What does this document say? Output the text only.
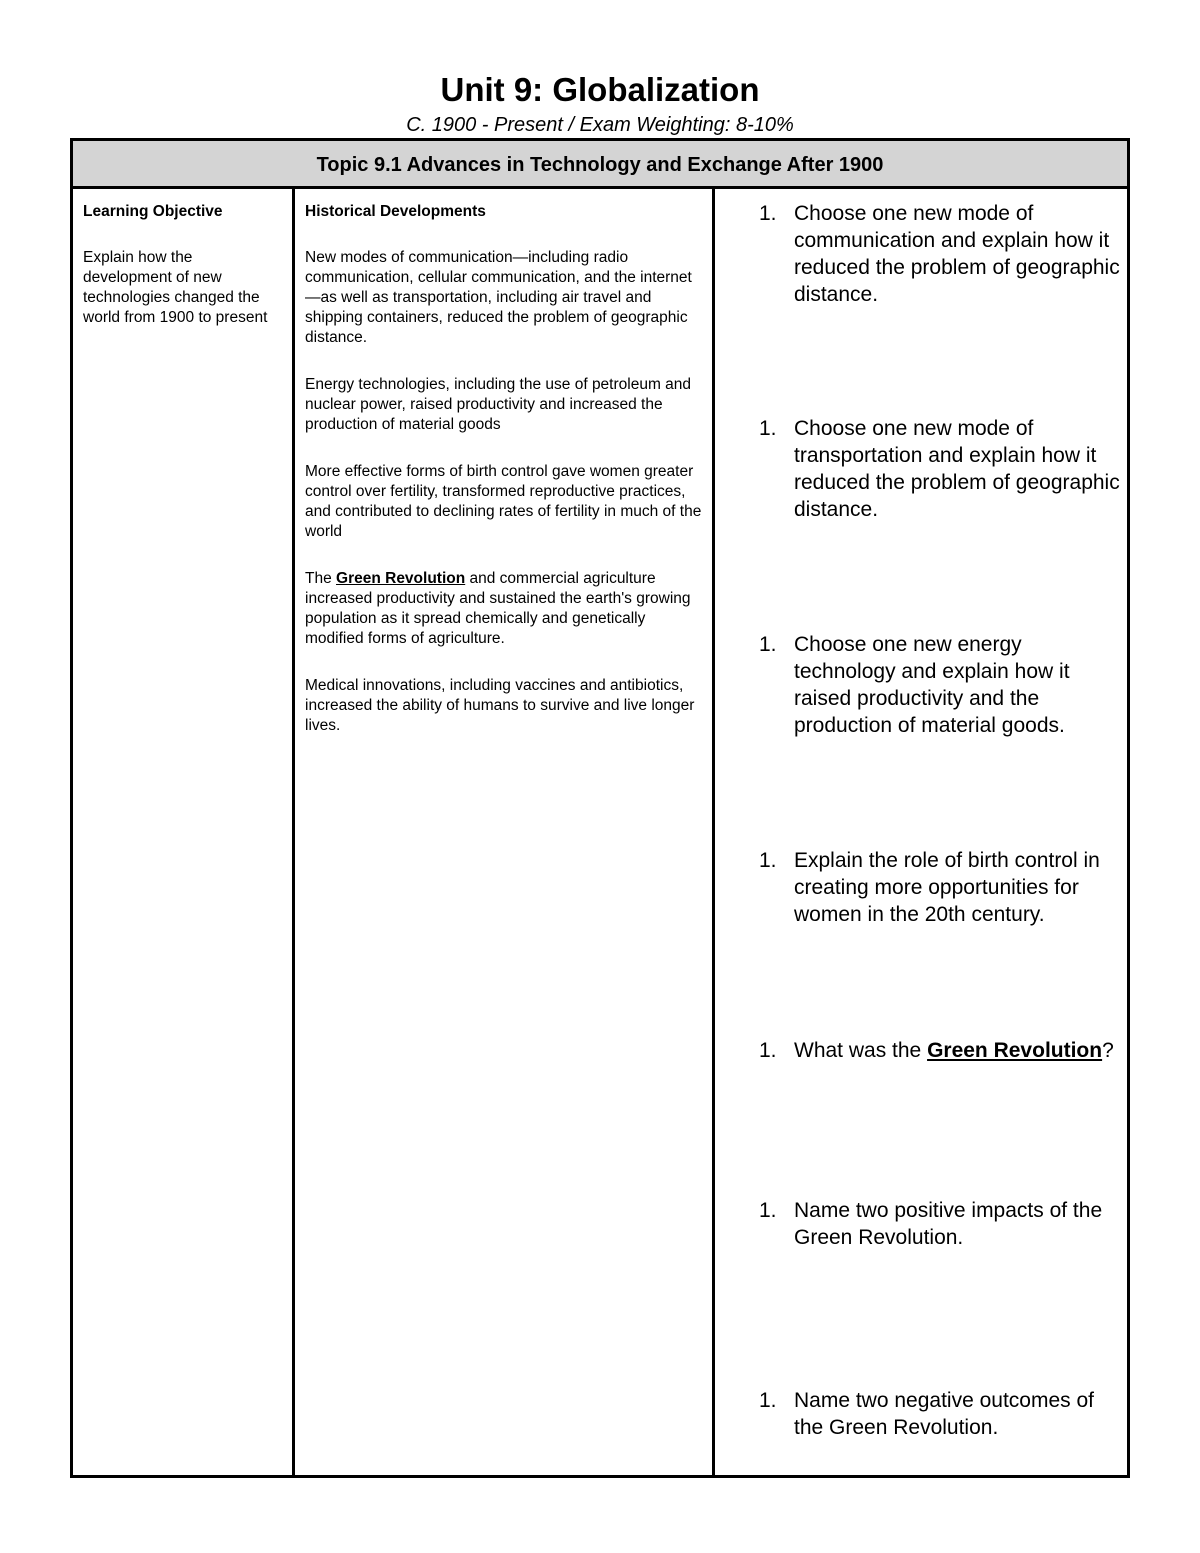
Unit 9: Globalization
C. 1900 - Present / Exam Weighting: 8-10%
Topic 9.1 Advances in Technology and Exchange After 1900
Learning Objective
Explain how the development of new technologies changed the world from 1900 to present
Historical Developments
New modes of communication—including radio communication, cellular communication, and the internet—as well as transportation, including air travel and shipping containers, reduced the problem of geographic distance.
Energy technologies, including the use of petroleum and nuclear power, raised productivity and increased the production of material goods
More effective forms of birth control gave women greater control over fertility, transformed reproductive practices, and contributed to declining rates of fertility in much of the world
The Green Revolution and commercial agriculture increased productivity and sustained the earth's growing population as it spread chemically and genetically modified forms of agriculture.
Medical innovations, including vaccines and antibiotics, increased the ability of humans to survive and live longer lives.
1. Choose one new mode of communication and explain how it reduced the problem of geographic distance.
1. Choose one new mode of transportation and explain how it reduced the problem of geographic distance.
1. Choose one new energy technology and explain how it raised productivity and the production of material goods.
1. Explain the role of birth control in creating more opportunities for women in the 20th century.
1. What was the Green Revolution?
1. Name two positive impacts of the Green Revolution.
1. Name two negative outcomes of the Green Revolution.
